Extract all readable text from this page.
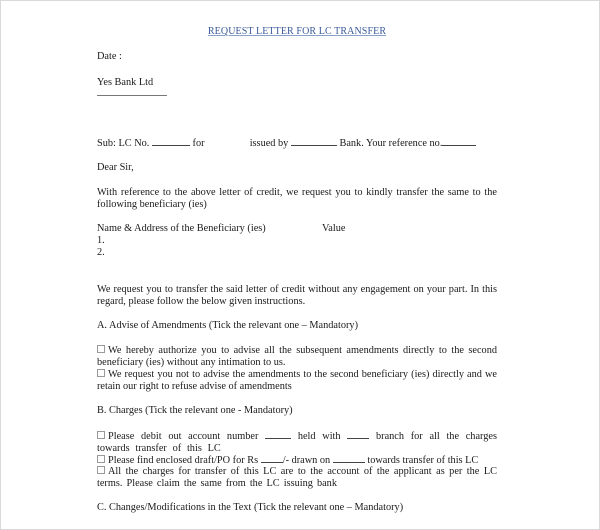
REQUEST LETTER FOR LC TRANSFER
Date :
Yes Bank Ltd
Sub: LC No.	for	issued by	Bank. Your reference no.
Dear Sir,
With reference to the above letter of credit, we request you to kindly transfer the same to the following beneficiary (ies)
Name & Address of the Beneficiary (ies)	Value
1.
2.
We request you to transfer the said letter of credit without any engagement on your part. In this regard, please follow the below given instructions.
A. Advise of Amendments (Tick the relevant one – Mandatory)
We hereby authorize you to advise all the subsequent amendments directly to the second beneficiary (ies) without any intimation to us.
We request you not to advise the amendments to the second beneficiary (ies) directly and we retain our right to refuse advise of amendments
B. Charges (Tick the relevant one - Mandatory)
Please debit out account number	held with	branch for all the charges towards transfer of this LC
Please find enclosed draft/PO for Rs /- drawn on	towards transfer of this LC
All the charges for transfer of this LC are to the account of the applicant as per the LC terms. Please claim the same from the LC issuing bank
C. Changes/Modifications in the Text (Tick the relevant one – Mandatory)
